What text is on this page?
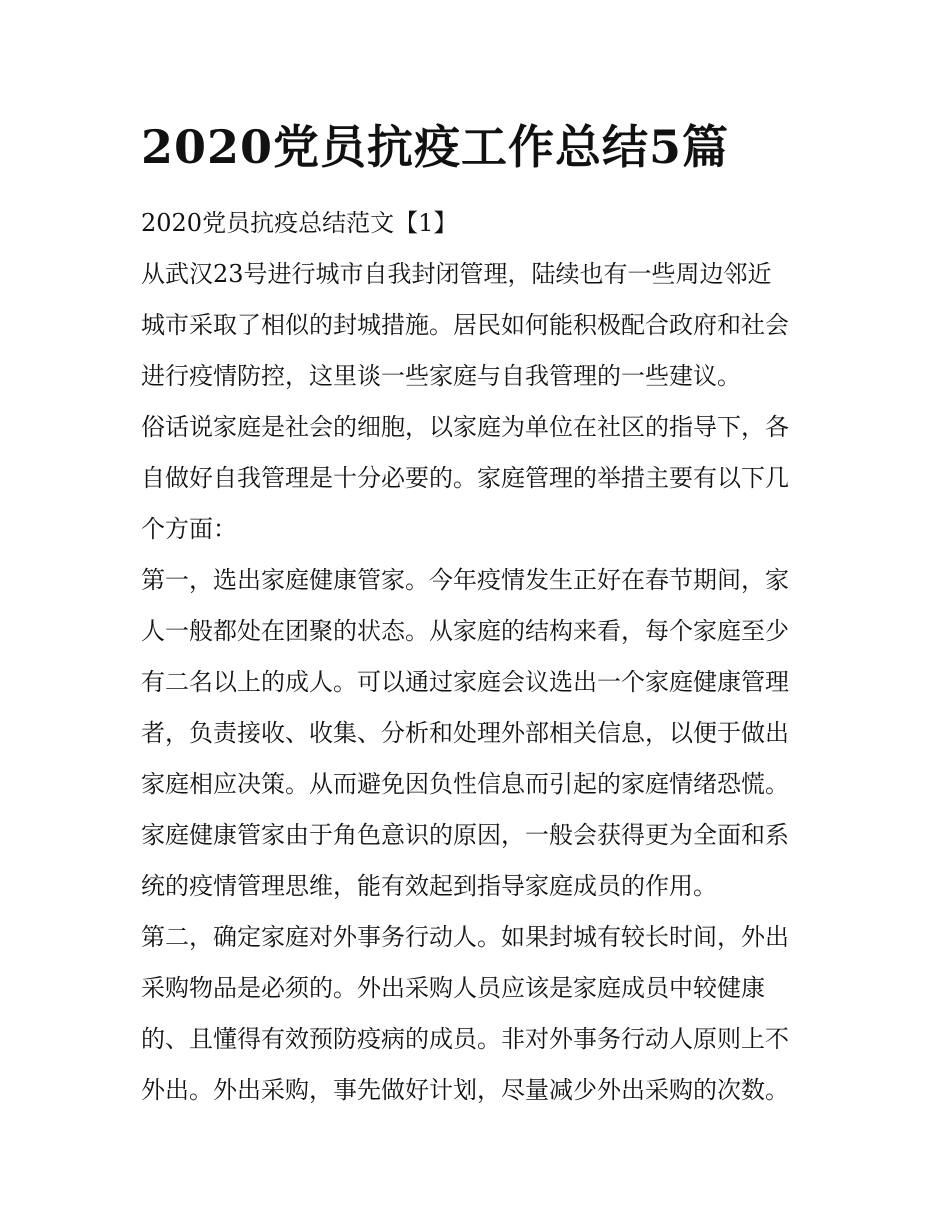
2020党员抗疫工作总结5篇

2020党员抗疫总结范文【1】

从武汉23号进行城市自我封闭管理，陆续也有一些周边邻近

城市采取了相似的封城措施。居民如何能积极配合政府和社会

进行疫情防控，这里谈一些家庭与自我管理的一些建议。

俗话说家庭是社会的细胞，以家庭为单位在社区的指导下，各

自做好自我管理是十分必要的。家庭管理的举措主要有以下几

个方面：

第一，选出家庭健康管家。今年疫情发生正好在春节期间，家

人一般都处在团聚的状态。从家庭的结构来看，每个家庭至少

有二名以上的成人。可以通过家庭会议选出一个家庭健康管理

者，负责接收、收集、分析和处理外部相关信息，以便于做出

家庭相应决策。从而避免因负性信息而引起的家庭情绪恐慌。

家庭健康管家由于角色意识的原因，一般会获得更为全面和系

统的疫情管理思维，能有效起到指导家庭成员的作用。

第二，确定家庭对外事务行动人。如果封城有较长时间，外出

采购物品是必须的。外出采购人员应该是家庭成员中较健康

的、且懂得有效预防疫病的成员。非对外事务行动人原则上不

外出。外出采购，事先做好计划，尽量减少外出采购的次数。
